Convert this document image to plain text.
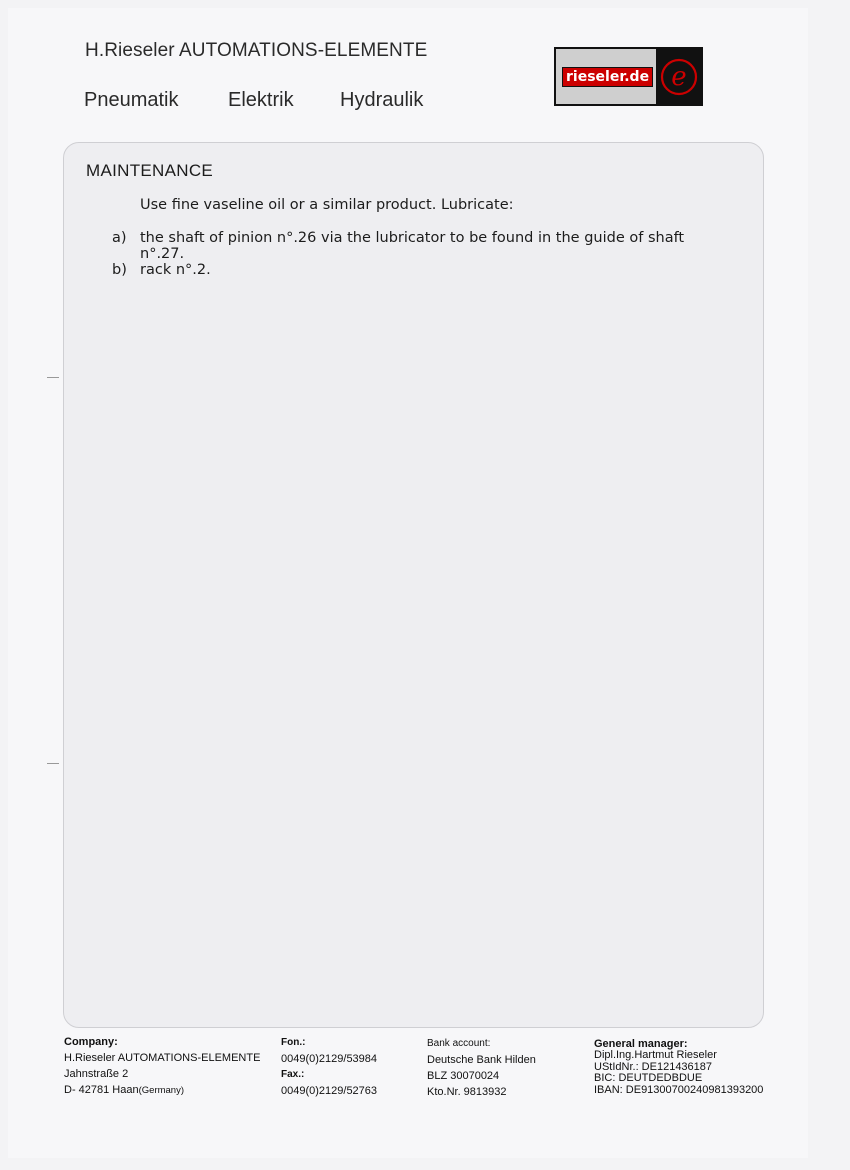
H.Rieseler AUTOMATIONS-ELEMENTE
Pneumatik Elektrik Hydraulik
rieseler.de e
MAINTENANCE
Use fine vaseline oil or a similar product. Lubricate:
a) the shaft of pinion n°.26 via the lubricator to be found in the guide of shaft
n°.27.
b) rack n°.2.
Company:
H.Rieseler AUTOMATIONS-ELEMENTE
Jahnstraße 2
D- 42781 Haan(Germany)
Fon.:
0049(0)2129/53984
Fax.:
0049(0)2129/52763
Bank account:
Deutsche Bank Hilden
BLZ 30070024
Kto.Nr. 9813932
General manager:
Dipl.Ing.Hartmut Rieseler
UStIdNr.: DE121436187
BIC: DEUTDEDBDUE
IBAN: DE91300700240981393200
